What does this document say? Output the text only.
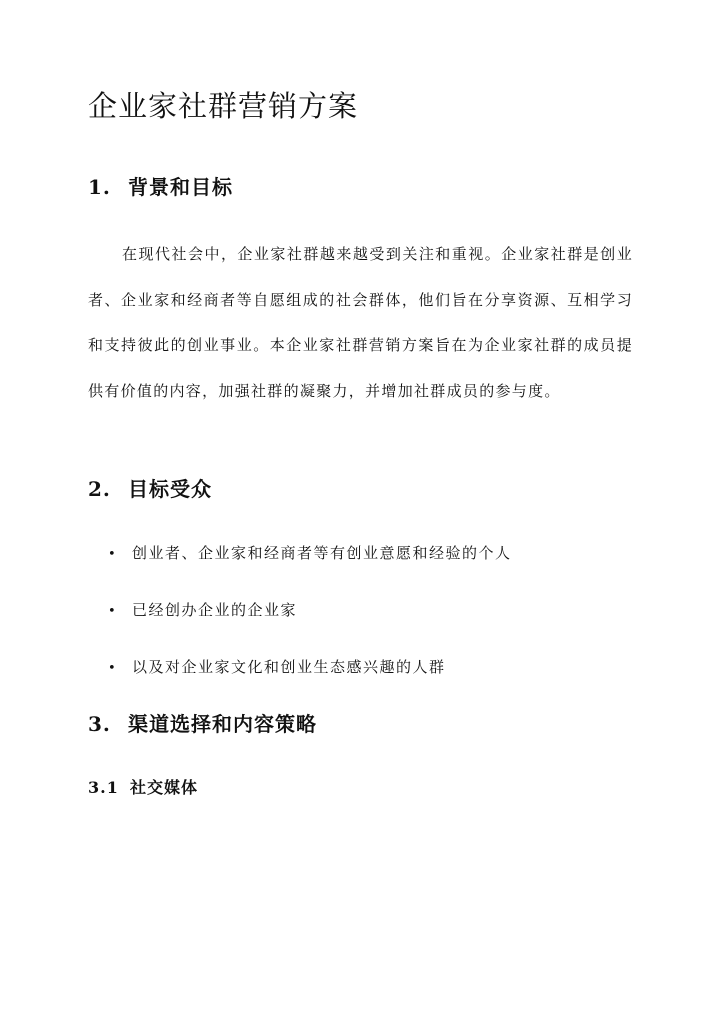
企业家社群营销方案
1. 背景和目标

在现代社会中，企业家社群越来越受到关注和重视。企业家社群是创业者、企业家和经商者等自愿组成的社会群体，他们旨在分享资源、互相学习和支持彼此的创业事业。本企业家社群营销方案旨在为企业家社群的成员提供有价值的内容，加强社群的凝聚力，并增加社群成员的参与度。

2. 目标受众
• 创业者、企业家和经商者等有创业意愿和经验的个人
• 已经创办企业的企业家
• 以及对企业家文化和创业生态感兴趣的人群
3. 渠道选择和内容策略
3.1 社交媒体
